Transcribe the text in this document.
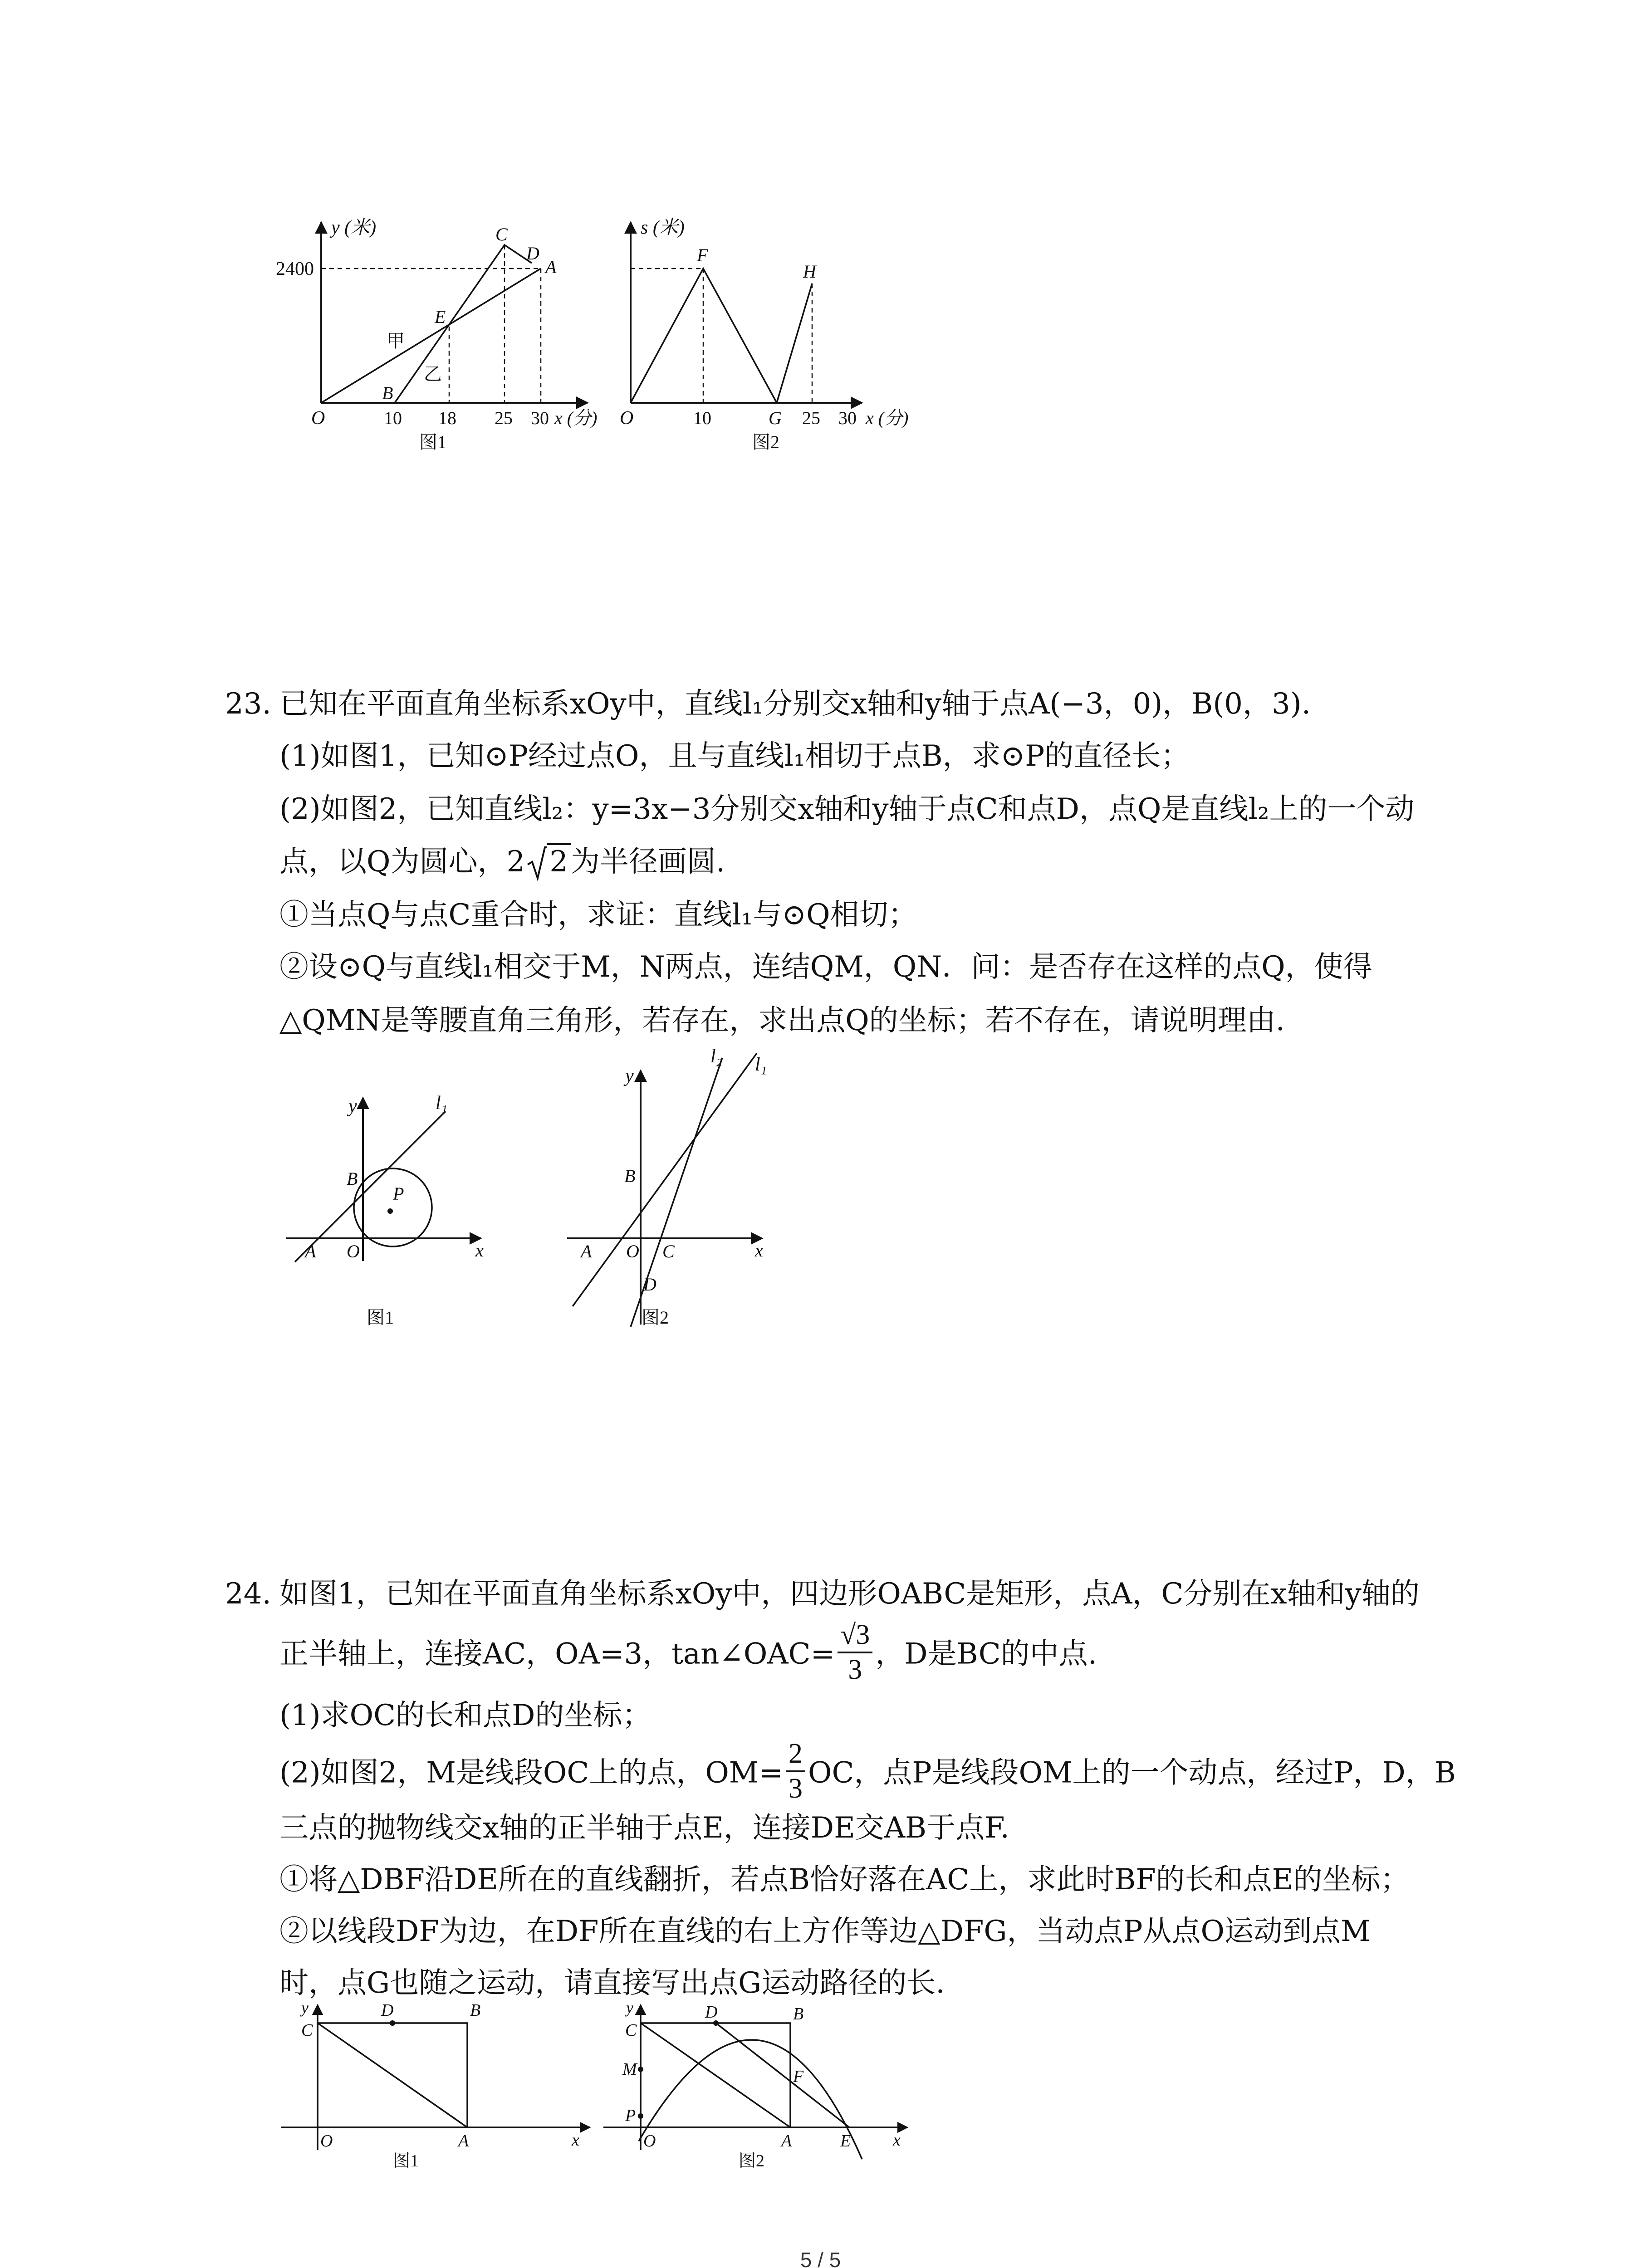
y (米)
2400
O	10 18 25 30 x (分)
C
D
A
E
B
甲
乙
图1
s (米)
O	10	G 25 30 x (分)
F
H
图2
23. 已知在平面直角坐标系xOy中，直线l₁分别交x轴和y轴于点A(−3，0)，B(0，3).
(1)如图1，已知⊙P经过点O，且与直线l₁相切于点B，求⊙P的直径长；
(2)如图2，已知直线l₂：y=3x−3分别交x轴和y轴于点C和点D，点Q是直线l₂上的一个动
点，以Q为圆心，2 2为半径画圆.
①当点Q与点C重合时，求证：直线l₁与⊙Q相切；
②设⊙Q与直线l₁相交于M，N两点，连结QM，QN．问：是否存在这样的点Q，使得
△QMN是等腰直角三角形，若存在，求出点Q的坐标；若不存在，请说明理由.
y	l₁
B
P
A O	x
图1
y
l₂ l₁
B
A O C	x
D
图2
24. 如图1，已知在平面直角坐标系xOy中，四边形OABC是矩形，点A，C分别在x轴和y轴的
正半轴上，连接AC，OA=3，tan∠OAC= $\frac{√3}{3}$ ，D是BC的中点.
(1)求OC的长和点D的坐标；
(2)如图2，M是线段OC上的点，$OM= \frac{2}{3}$ OC，点P是线段OM上的一个动点，经过P，D，B
三点的抛物线交x轴的正半轴于点E，连接DE交AB于点F.
①将△DBF沿DE所在的直线翻折，若点B恰好落在AC上，求此时BF的长和点E的坐标；
②以线段DF为边，在DF所在直线的右上方作等边△DFG，当动点P从点O运动到点M
时，点G也随之运动，请直接写出点G运动路径的长.
y
C
D	B
O	A	x
图1
y
C
D	B
M	F
P
O	A	E x
图2
5 / 5
